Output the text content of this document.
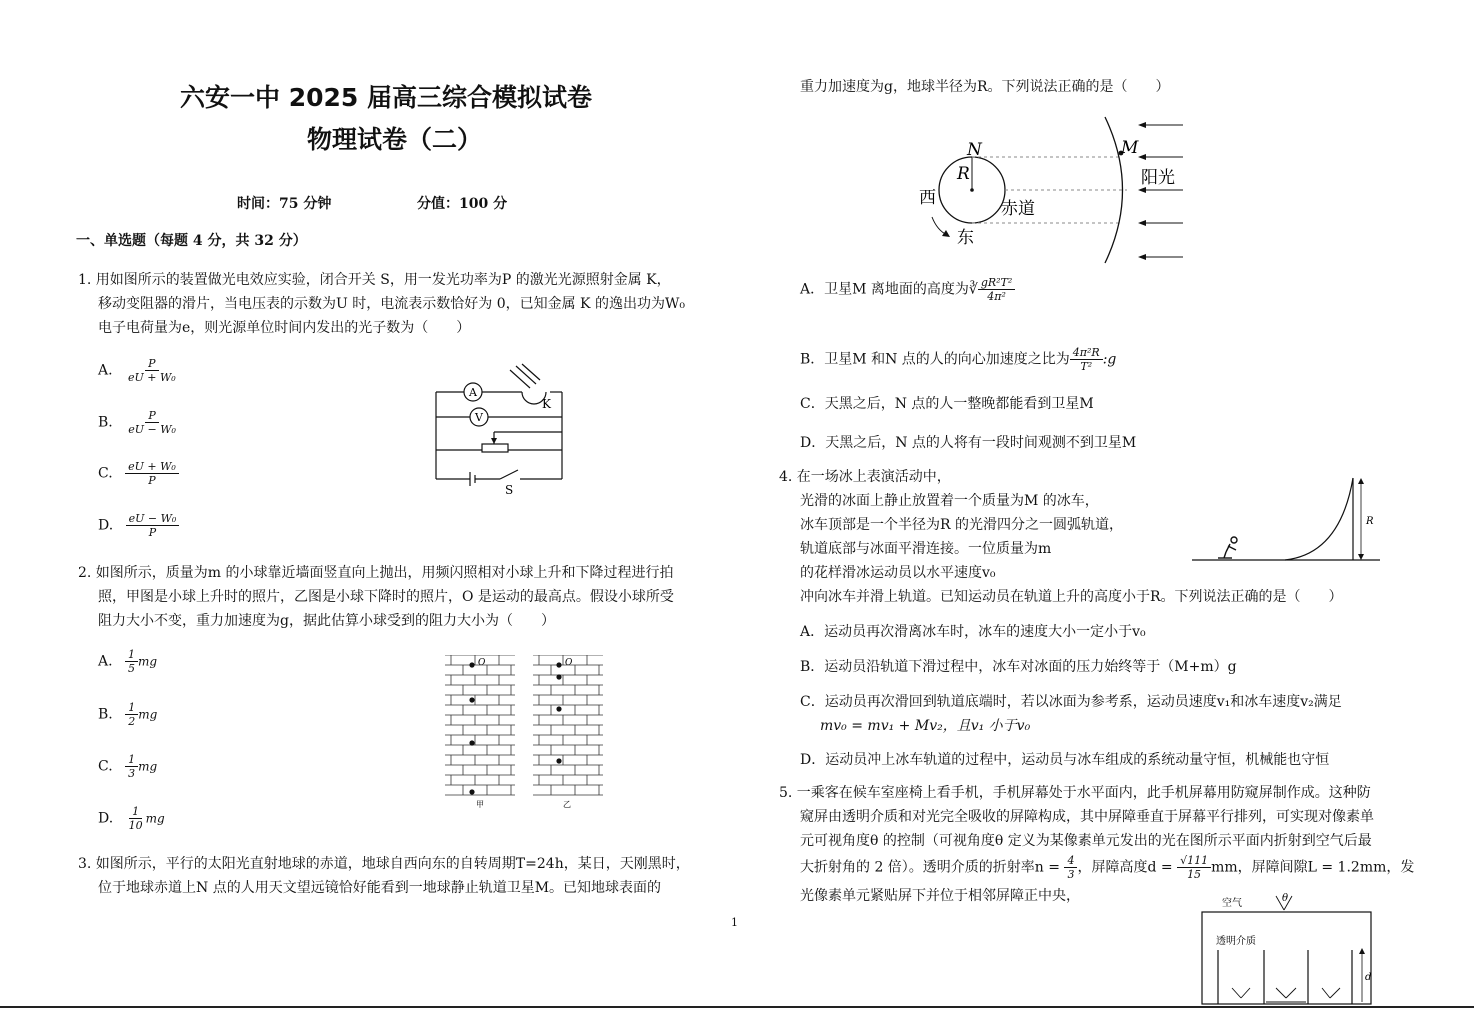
六安一中 2025 届高三综合模拟试卷
物理试卷（二）
时间：75 分钟	分值：100 分
一、单选题（每题 4 分，共 32 分）
1. 用如图所示的装置做光电效应实验，闭合开关 S，用一发光功率为P 的激光光源照射金属 K，
移动变阻器的滑片，当电压表的示数为U 时，电流表示数恰好为 0，已知金属 K 的逸出功为W₀
电子电荷量为e，则光源单位时间内发出的光子数为（　　）
A. $\frac{P}{\text{eU + W₀}}$
B. $\frac{P}{\text{eU − W₀}}$
C. $\frac{\text{eU + W₀}}{P}$
D. $\frac{\text{eU − W₀}}{P}$
A
V
K
S
2. 如图所示，质量为m 的小球靠近墙面竖直向上抛出，用频闪照相对小球上升和下降过程进行拍
照，甲图是小球上升时的照片，乙图是小球下降时的照片，O 是运动的最高点。假设小球所受
阻力大小不变，重力加速度为g，据此估算小球受到的阻力大小为（　　）
A. $\frac{1}{5}$ mg
B. $\frac{1}{2}$ mg
C. $\frac{1}{3}$ mg
D. $\frac{1}{10}$ mg
O	O
甲	乙
3. 如图所示，平行的太阳光直射地球的赤道，地球自西向东的自转周期T=24h，某日，天刚黑时，
位于地球赤道上N 点的人用天文望远镜恰好能看到一地球静止轨道卫星M。已知地球表面的
1
重力加速度为g，地球半径为R。下列说法正确的是（　　）
N
R
M
西
东
赤道
阳光
A．卫星M 离地面的高度为∛ $\frac{\text{gR²T²}}{\text{4π²}}$
B．卫星M 和N 点的人的向心加速度之比为 $\frac{\text{4π²R}}{\text{T²}}$ :g
C．天黑之后，N 点的人一整晚都能看到卫星M
D．天黑之后，N 点的人将有一段时间观测不到卫星M
4. 在一场冰上表演活动中，
光滑的冰面上静止放置着一个质量为M 的冰车，
冰车顶部是一个半径为R 的光滑四分之一圆弧轨道，
轨道底部与冰面平滑连接。一位质量为m
的花样滑冰运动员以水平速度v₀
冲向冰车并滑上轨道。已知运动员在轨道上升的高度小于R。下列说法正确的是（　　）
R
A．运动员再次滑离冰车时，冰车的速度大小一定小于v₀
B．运动员沿轨道下滑过程中，冰车对冰面的压力始终等于（M+m）g
C．运动员再次滑回到轨道底端时，若以冰面为参考系，运动员速度v₁和冰车速度v₂满足
mv₀ = mv₁ + Mv₂，且v₁ 小于v₀
D．运动员冲上冰车轨道的过程中，运动员与冰车组成的系统动量守恒，机械能也守恒
5. 一乘客在候车室座椅上看手机，手机屏幕处于水平面内，此手机屏幕用防窥屏制作成。这种防
窥屏由透明介质和对光完全吸收的屏障构成，其中屏障垂直于屏幕平行排列，可实现对像素单
元可视角度θ 的控制（可视角度θ 定义为某像素单元发出的光在图所示平面内折射到空气后最
大折射角的 2 倍）。透明介质的折射率$n = \frac{4}{3}$ ，屏障高度$d = \frac{√111}{15}$ mm，屏障间隙L = 1.2mm，发
光像素单元紧贴屏下并位于相邻屏障正中央，	空气	θ
透明介质
d
